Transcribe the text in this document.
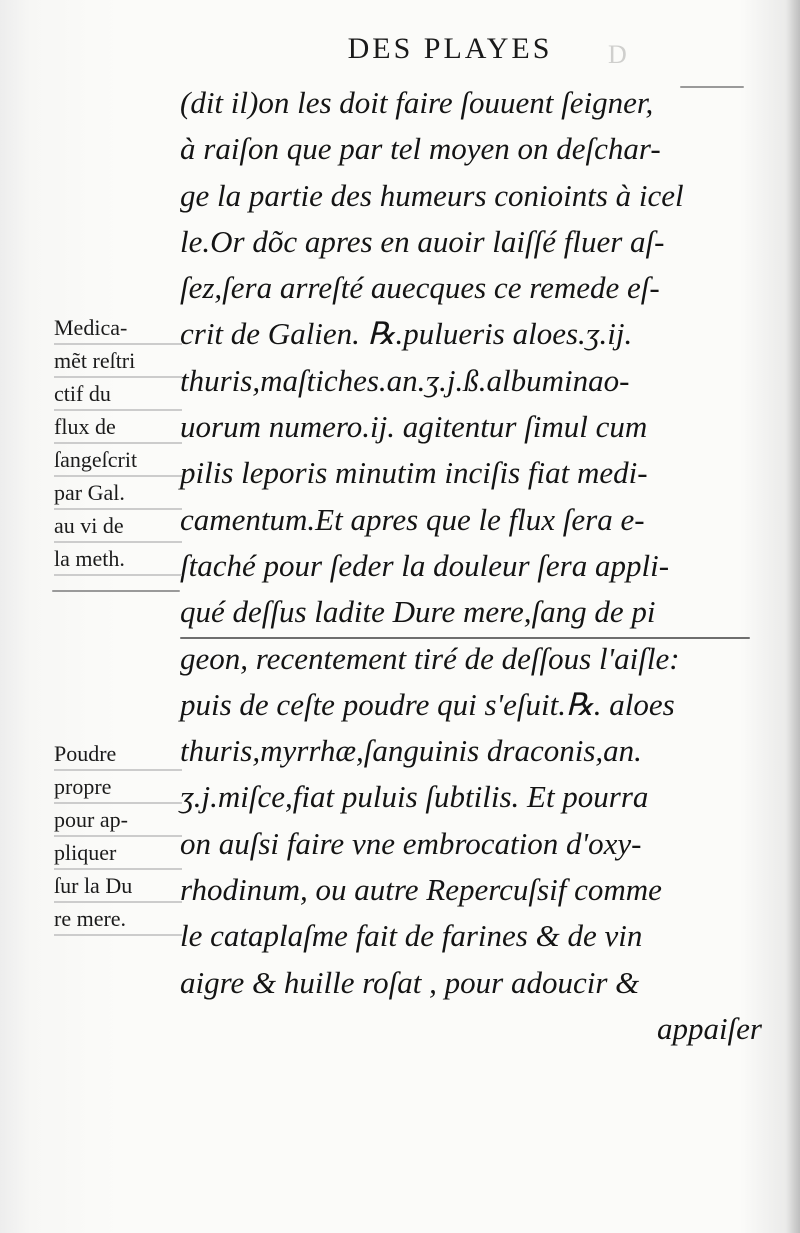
D
DES PLAYES
(dit il)on les doit faire ſouuent ſeigner,
à raiſon que par tel moyen on deſchar-
ge la partie des humeurs conioints à icel
le.Or dõc apres en auoir laiſſé fluer aſ-
ſez,ſera arreſté auecques ce remede eſ-
crit de Galien. ℞.pulueris aloes.ʒ.ij.
thuris,maſtiches.an.ʒ.j.ß.albuminao-
uorum numero.ij. agitentur ſimul cum
pilis leporis minutim inciſis fiat medi-
camentum.Et apres que le flux ſera e-
ſtaché pour ſeder la douleur ſera appli-
qué deſſus ladite Dure mere,ſang de pi
geon, recentement tiré de deſſous l'aiſle:
puis de ceſte poudre qui s'eſuit.℞. aloes
thuris,myrrhæ,ſanguinis draconis,an.
ʒ.j.miſce,fiat puluis ſubtilis. Et pourra
on auſsi faire vne embrocation d'oxy-
rhodinum, ou autre Repercuſsif comme
le cataplaſme fait de farines & de vin
aigre & huille roſat , pour adoucir &
appaiſer
Medica-
mẽt reſtri
ctif du
flux de
ſangeſcrit
par Gal.
au vi de
la meth.
Poudre
propre
pour ap-
pliquer
ſur la Du
re mere.
